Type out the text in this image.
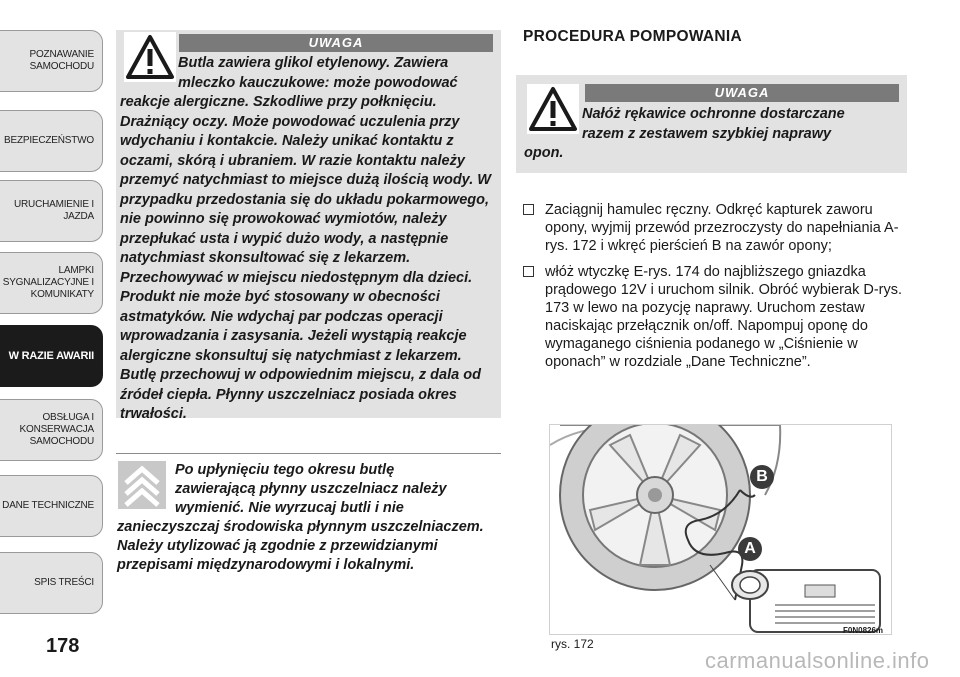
POZNAWANIE
SAMOCHODU
BEZPIECZEŃSTWO
URUCHAMIENIE I
JAZDA
LAMPKI
SYGNALIZACYJNE I
KOMUNIKATY
W RAZIE AWARII
OBSŁUGA I
KONSERWACJA
SAMOCHODU
DANE TECHNICZNE
SPIS TREŚCI
178
UWAGA
Butla zawiera glikol etylenowy. Zawiera
mleczko kauczukowe: może powodować
reakcje alergiczne. Szkodliwe przy połknięciu. Drażniący oczy. Może powodować uczulenia przy wdychaniu i kontakcie. Należy unikać kontaktu z oczami, skórą i ubraniem. W razie kontaktu należy przemyć natychmiast to miejsce dużą ilością wody. W przypadku przedostania się do układu pokarmowego, nie powinno się prowokować wymiotów, należy przepłukać usta i wypić dużo wody, a następnie natychmiast skonsultować się z lekarzem. Przechowywać w miejscu niedostępnym dla dzieci. Produkt nie może być stosowany w obecności astmatyków. Nie wdychaj par podczas operacji wprowadzania i zasysania. Jeżeli wystąpią reakcje alergiczne skonsultuj się natychmiast z lekarzem. Butlę przechowuj w odpowiednim miejscu, z dala od źródeł ciepła. Płynny uszczelniacz posiada okres trwałości.
Po upłynięciu tego okresu butlę
zawierającą płynny uszczelniacz należy
wymienić. Nie wyrzucaj butli i nie
zanieczyszczaj środowiska płynnym uszczelniaczem. Należy utylizować ją zgodnie z przewidzianymi przepisami międzynarodowymi i lokalnymi.
PROCEDURA POMPOWANIA
UWAGA
Nałóż rękawice ochronne dostarczane
razem z zestawem szybkiej naprawy
opon.
Zaciągnij hamulec ręczny. Odkręć kapturek zaworu opony, wyjmij przewód przezroczysty do napełniania A-rys. 172 i wkręć pierścień B na zawór opony;
włóż wtyczkę E-rys. 174 do najbliższego gniazdka prądowego 12V i uruchom silnik. Obróć wybierak D-rys. 173 w lewo na pozycję naprawy. Uruchom zestaw naciskając przełącznik on/off. Napompuj oponę do wymaganego ciśnienia podanego w „Ciśnienie w oponach” w rozdziale „Dane Techniczne”.
B
A
rys. 172
F0N0826m
carmanualsonline.info
